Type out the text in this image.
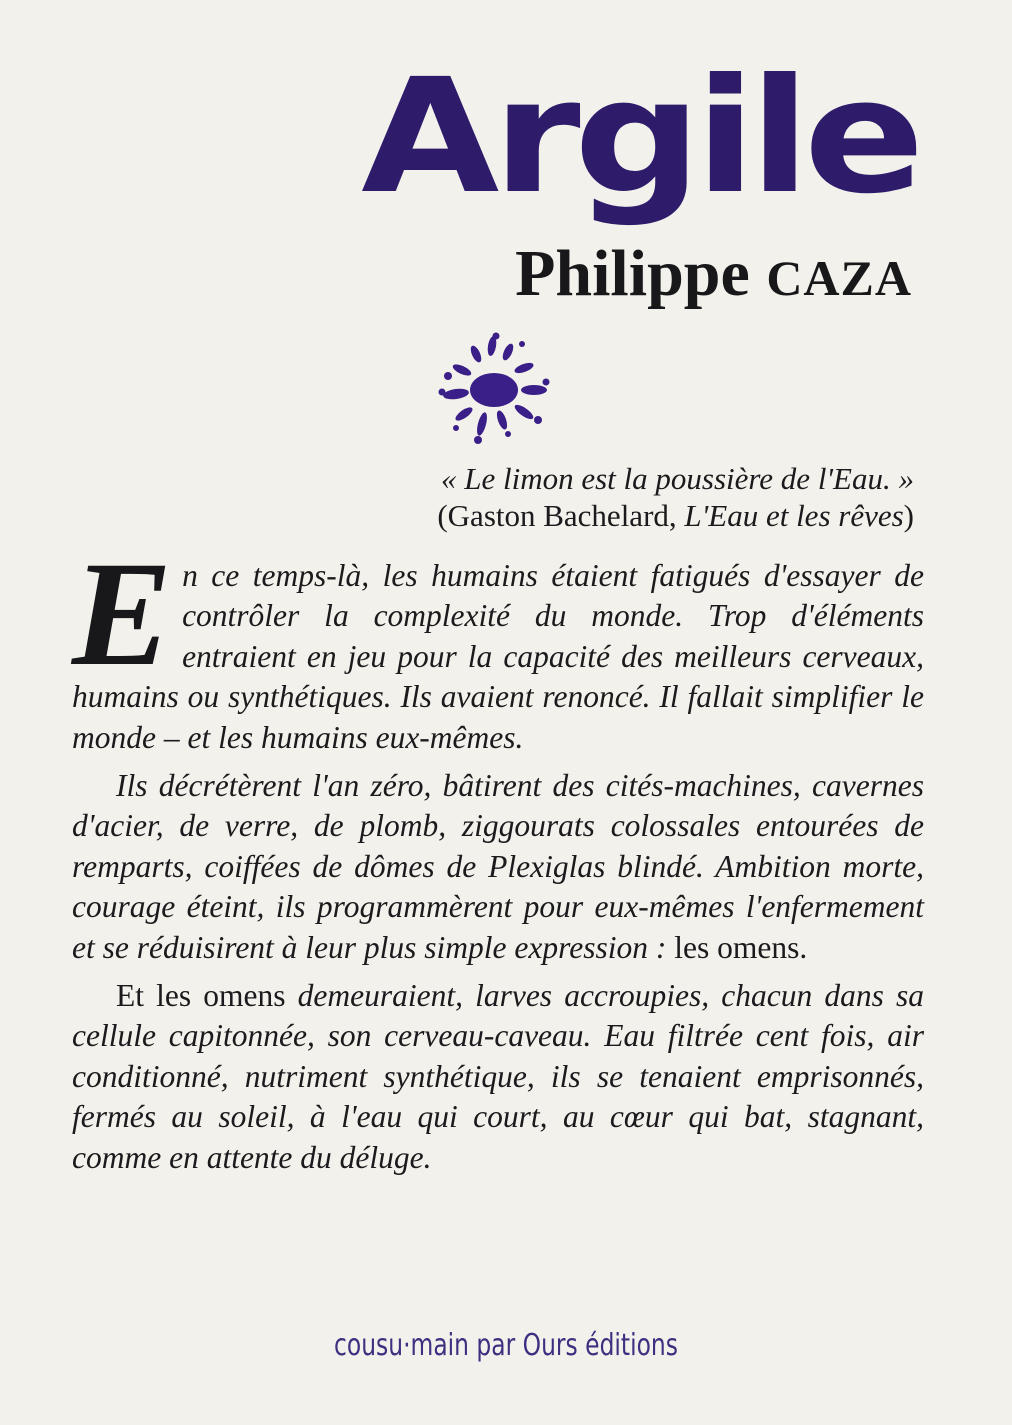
Argile
Philippe CAZA
« Le limon est la poussière de l'Eau. »
(Gaston Bachelard, L'Eau et les rêves)

En ce temps-là, les humains étaient fatigués d'essayer de contrôler la complexité du monde. Trop d'éléments entraient en jeu pour la capacité des meilleurs cerveaux, humains ou synthétiques. Ils avaient renoncé. Il fallait simplifier le monde – et les humains eux-mêmes.

Ils décrétèrent l'an zéro, bâtirent des cités-machines, cavernes d'acier, de verre, de plomb, ziggourats colossales entourées de remparts, coiffées de dômes de Plexiglas blindé. Ambition morte, courage éteint, ils programmèrent pour eux-mêmes l'enfermement et se réduisirent à leur plus simple expression : les omens.

Et les omens demeuraient, larves accroupies, chacun dans sa cellule capitonnée, son cerveau-caveau. Eau filtrée cent fois, air conditionné, nutriment synthétique, ils se tenaient emprisonnés, fermés au soleil, à l'eau qui court, au cœur qui bat, stagnant, comme en attente du déluge.

cousu·main par Ours éditions
